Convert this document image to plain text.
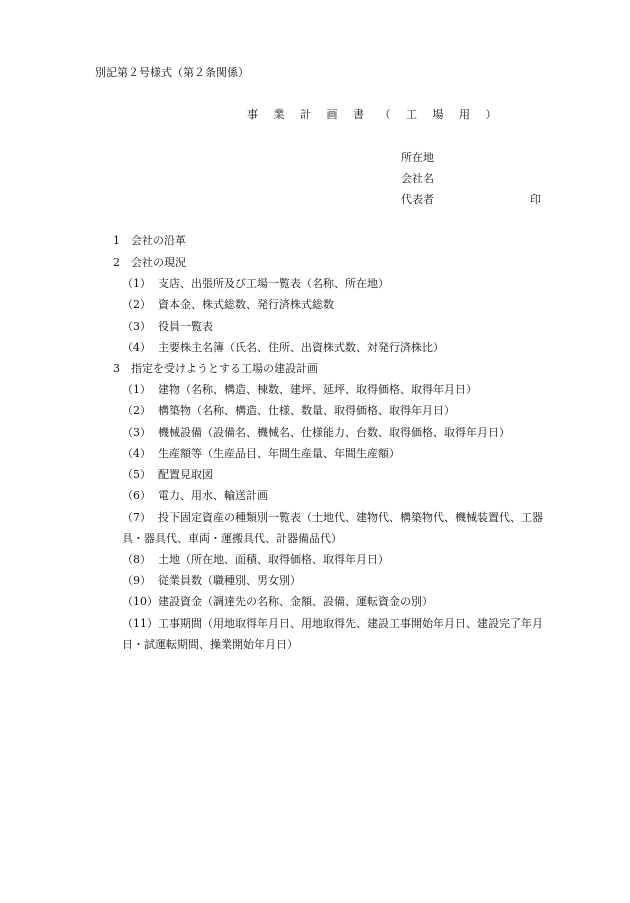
別記第２号様式（第２条関係）
事 業 計 画 書 （ 工 場 用 ）
所在地
会社名
代表者	印
1 会社の沿革
2 会社の現況
（1） 支店、出張所及び工場一覧表（名称、所在地）
（2） 資本金、株式総数、発行済株式総数
（3） 役員一覧表
（4） 主要株主名簿（氏名、住所、出資株式数、対発行済株比）
3 指定を受けようとする工場の建設計画
（1） 建物（名称、構造、棟数、建坪、延坪、取得価格、取得年月日）
（2） 構築物（名称、構造、仕様、数量、取得価格、取得年月日）
（3） 機械設備（設備名、機械名、仕様能力、台数、取得価格、取得年月日）
（4） 生産額等（生産品目、年間生産量、年間生産額）
（5） 配置見取図
（6） 電力、用水、輸送計画
（7） 投下固定資産の種類別一覧表（土地代、建物代、構築物代、機械装置代、工器
具・器具代、車両・運搬具代、計器備品代）
（8） 土地（所在地、面積、取得価格、取得年月日）
（9） 従業員数（職種別、男女別）
（10） 建設資金（調達先の名称、金額、設備、運転資金の別）
（11） 工事期間（用地取得年月日、用地取得先、建設工事開始年月日、建設完了年月
日・試運転期間、操業開始年月日）
